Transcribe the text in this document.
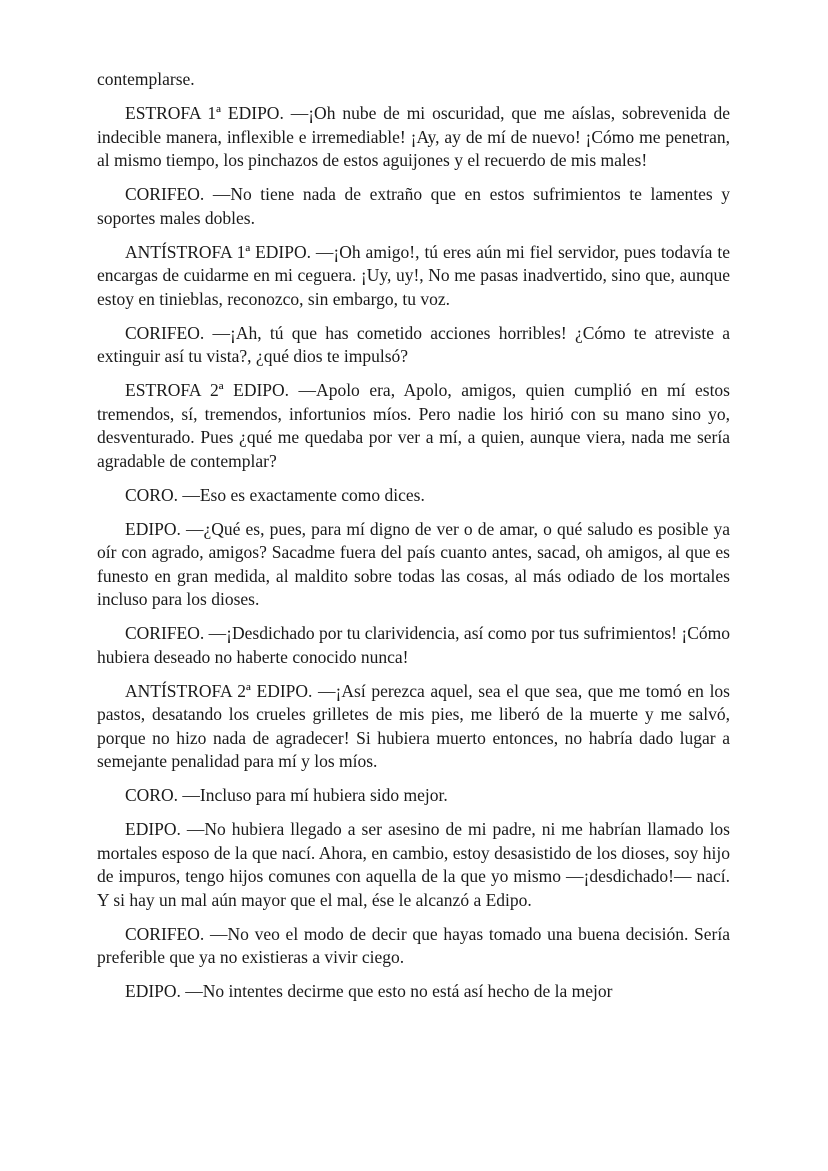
contemplarse.

ESTROFA 1ª EDIPO. —¡Oh nube de mi oscuridad, que me aíslas, sobrevenida de indecible manera, inflexible e irremediable! ¡Ay, ay de mí de nuevo! ¡Cómo me penetran, al mismo tiempo, los pinchazos de estos aguijones y el recuerdo de mis males!

CORIFEO. —No tiene nada de extraño que en estos sufrimientos te lamentes y soportes males dobles.

ANTÍSTROFA 1ª EDIPO. —¡Oh amigo!, tú eres aún mi fiel servidor, pues todavía te encargas de cuidarme en mi ceguera. ¡Uy, uy!, No me pasas inadvertido, sino que, aunque estoy en tinieblas, reconozco, sin embargo, tu voz.

CORIFEO. —¡Ah, tú que has cometido acciones horribles! ¿Cómo te atreviste a extinguir así tu vista?, ¿qué dios te impulsó?

ESTROFA 2ª EDIPO. —Apolo era, Apolo, amigos, quien cumplió en mí estos tremendos, sí, tremendos, infortunios míos. Pero nadie los hirió con su mano sino yo, desventurado. Pues ¿qué me quedaba por ver a mí, a quien, aunque viera, nada me sería agradable de contemplar?

CORO. —Eso es exactamente como dices.

EDIPO. —¿Qué es, pues, para mí digno de ver o de amar, o qué saludo es posible ya oír con agrado, amigos? Sacadme fuera del país cuanto antes, sacad, oh amigos, al que es funesto en gran medida, al maldito sobre todas las cosas, al más odiado de los mortales incluso para los dioses.

CORIFEO. —¡Desdichado por tu clarividencia, así como por tus sufrimientos! ¡Cómo hubiera deseado no haberte conocido nunca!

ANTÍSTROFA 2ª EDIPO. —¡Así perezca aquel, sea el que sea, que me tomó en los pastos, desatando los crueles grilletes de mis pies, me liberó de la muerte y me salvó, porque no hizo nada de agradecer! Si hubiera muerto entonces, no habría dado lugar a semejante penalidad para mí y los míos.

CORO. —Incluso para mí hubiera sido mejor.

EDIPO. —No hubiera llegado a ser asesino de mi padre, ni me habrían llamado los mortales esposo de la que nací. Ahora, en cambio, estoy desasistido de los dioses, soy hijo de impuros, tengo hijos comunes con aquella de la que yo mismo —¡desdichado!— nací. Y si hay un mal aún mayor que el mal, ése le alcanzó a Edipo.

CORIFEO. —No veo el modo de decir que hayas tomado una buena decisión. Sería preferible que ya no existieras a vivir ciego.

EDIPO. —No intentes decirme que esto no está así hecho de la mejor
